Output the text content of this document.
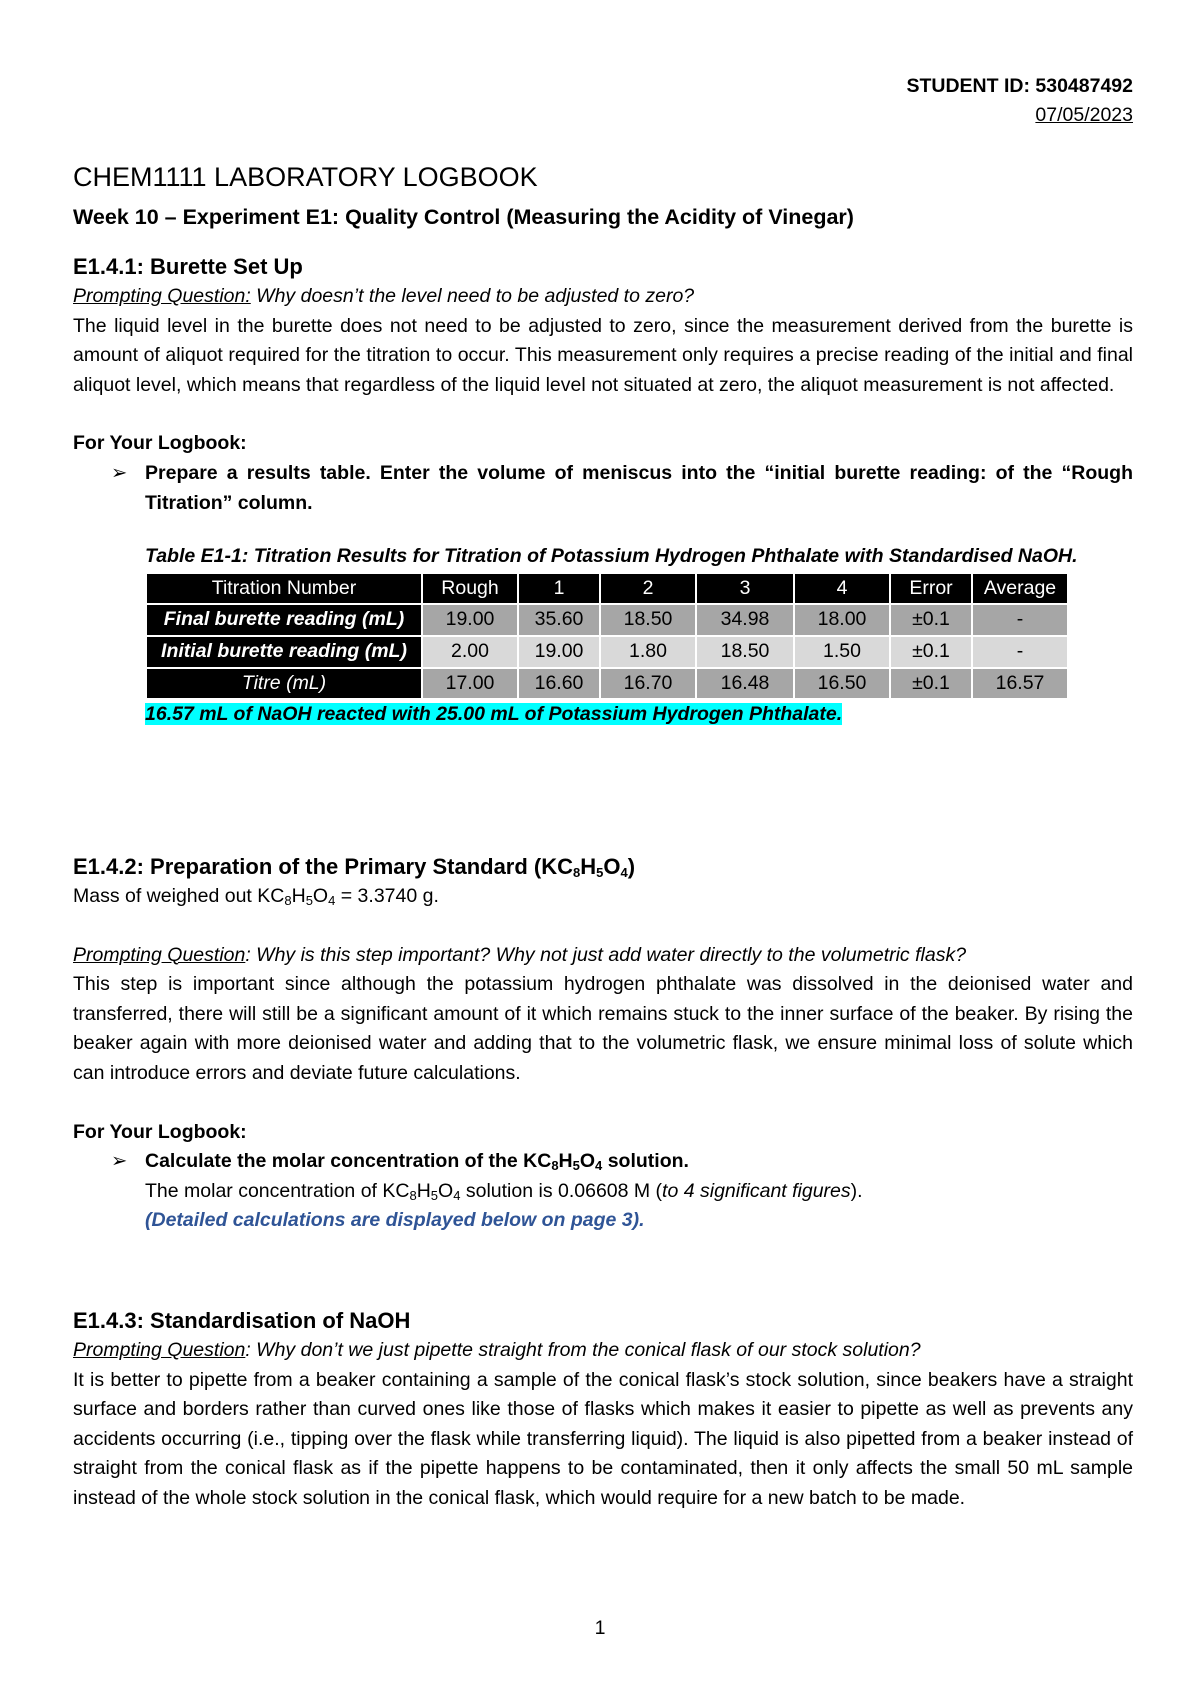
STUDENT ID: 530487492
07/05/2023
CHEM1111 LABORATORY LOGBOOK
Week 10 – Experiment E1: Quality Control (Measuring the Acidity of Vinegar)
E1.4.1: Burette Set Up
Prompting Question: Why doesn’t the level need to be adjusted to zero?

The liquid level in the burette does not need to be adjusted to zero, since the measurement derived from the burette is amount of aliquot required for the titration to occur. This measurement only requires a precise reading of the initial and final aliquot level, which means that regardless of the liquid level not situated at zero, the aliquot measurement is not affected.

For Your Logbook:
➢ Prepare a results table. Enter the volume of meniscus into the “initial burette reading: of the “Rough Titration” column.

Table E1-1: Titration Results for Titration of Potassium Hydrogen Phthalate with Standardised NaOH.
Titration Number	Rough	1	2	3	4	Error	Average
Final burette reading (mL)	19.00	35.60	18.50	34.98	18.00	±0.1	-
Initial burette reading (mL)	2.00	19.00	1.80	18.50	1.50	±0.1	-
Titre (mL)	17.00	16.60	16.70	16.48	16.50	±0.1	16.57
16.57 mL of NaOH reacted with 25.00 mL of Potassium Hydrogen Phthalate.
E1.4.2: Preparation of the Primary Standard $(KC_8H_5O_4)$
Mass of weighed out $KC_8H_5O_4 = 3.3740$ g.
Prompting Question: Why is this step important? Why not just add water directly to the volumetric flask?

This step is important since although the potassium hydrogen phthalate was dissolved in the deionised water and transferred, there will still be a significant amount of it which remains stuck to the inner surface of the beaker. By rising the beaker again with more deionised water and adding that to the volumetric flask, we ensure minimal loss of solute which can introduce errors and deviate future calculations.

For Your Logbook:
➢ Calculate the molar concentration of the $KC_8H_5O_4$ solution.
The molar concentration of $KC_8H_5O_4$ solution is 0.06608 M (to 4 significant figures).
(Detailed calculations are displayed below on page 3).
E1.4.3: Standardisation of NaOH
Prompting Question: Why don’t we just pipette straight from the conical flask of our stock solution?

It is better to pipette from a beaker containing a sample of the conical flask’s stock solution, since beakers have a straight surface and borders rather than curved ones like those of flasks which makes it easier to pipette as well as prevents any accidents occurring (i.e., tipping over the flask while transferring liquid). The liquid is also pipetted from a beaker instead of straight from the conical flask as if the pipette happens to be contaminated, then it only affects the small 50 mL sample instead of the whole stock solution in the conical flask, which would require for a new batch to be made.

1
